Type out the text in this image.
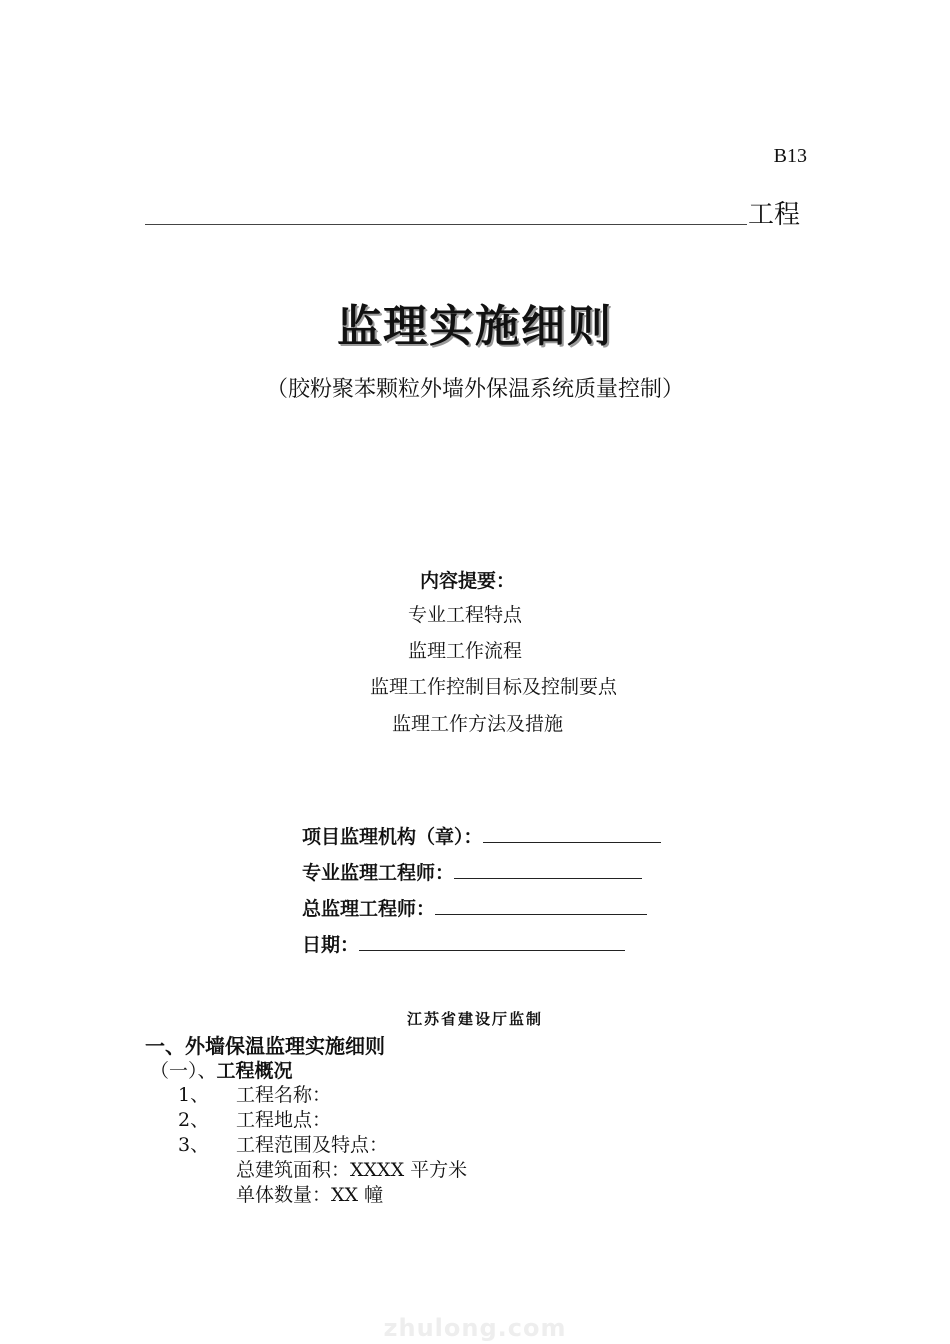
B13
工程
监理实施细则
（胶粉聚苯颗粒外墙外保温系统质量控制）
内容提要：
专业工程特点
监理工作流程
监理工作控制目标及控制要点
监理工作方法及措施
项目监理机构（章）：
专业监理工程师：
总监理工程师：
日期：
江苏省建设厅监制
一、外墙保温监理实施细则
（一）、工程概况
1、 工程名称：
2、 工程地点：
3、 工程范围及特点：
总建筑面积：XXXX 平方米
单体数量：XX 幢
zhulong.com
